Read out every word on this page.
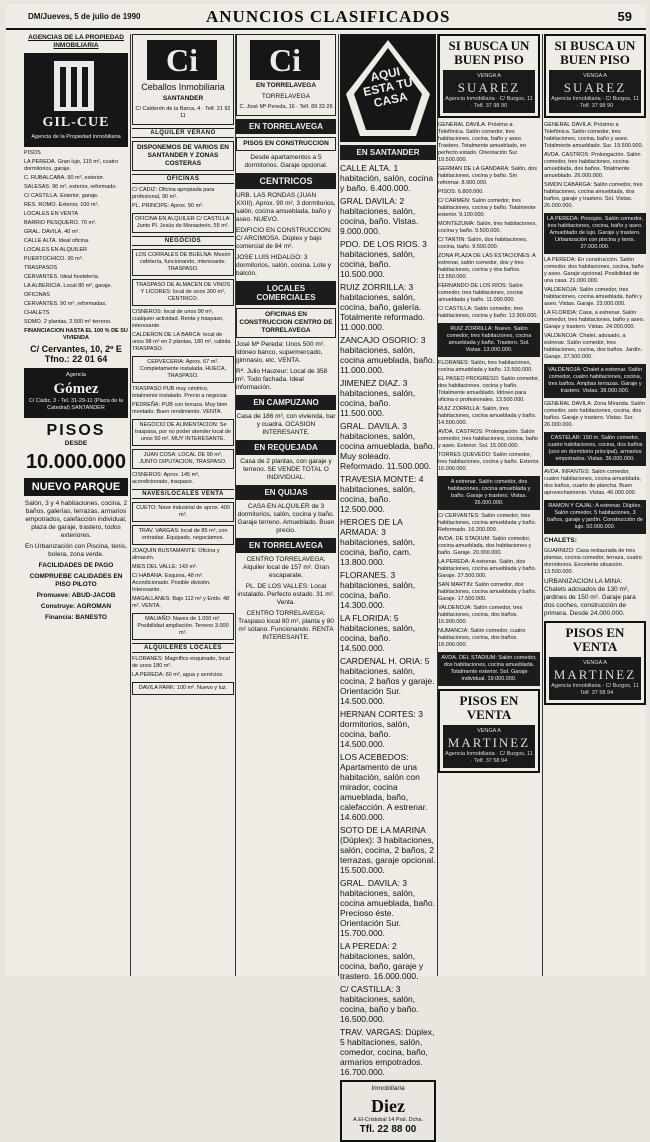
DM/Jueves, 5 de julio de 1990	ANUNCIOS CLASIFICADOS	59
AGENCIAS DE LA PROPIEDAD INMOBILIARIA
GIL-CUE
Agencia de la Propiedad inmobiliaria
PISOS
LA PEREDA. Gran lujo, 115 m², cuatro dormitorios, garaje.
C. RUBALCABA. 90 m², exterior.
SALESAS. 96 m², exterior, reformado.
C/ CASTILLA. Exterior, garaje.
RES. ROMO. Exterior, 100 m².
LOCALES EN VENTA
BARRIO PESQUERO. 70 m².
GRAL. DAVILA. 40 m².
CALLE ALTA. Ideal oficina.
LOCALES EN ALQUILER
PUERTOCHICO. 90 m².
TRASPASOS
CERVANTES. Ideal hostelería.
LA ALBERICIA. Local 80 m², garaje.
OFICINAS
CERVANTES. 90 m², reformadas.
CHALETS
SOMO. 2 plantas, 2.500 m² terreno.
FINANCIACION HASTA EL 100 % DE SU VIVIENDA
C/ Cervantes, 10, 2º E Tfno.: 22 01 64
Agencia
Gómez
C/ Cádiz, 3 - Tel. 31-29-11 (Plaza de la Catedral) SANTANDER
PISOS
DESDE
10.000.000
NUEVO PARQUE
Salón, 3 y 4 habitaciones, cocina, 2 baños, galerías, terrazas, armarios empotrados, calefacción individual, plaza de garaje, trastero, todos exteriores.
En Urbanización con Piscina, tenis, bolera, zona verde.
FACILIDADES DE PAGO
COMPRUEBE CALIDADES EN PISO PILOTO
Promueve: ABUD-JACOB
Construye: AGROMAN
Financia: BANESTO
Ci
Ceballos Inmobiliaria
SANTANDER
C/ Calderón de la Barca, 4 · Telf. 21 92 11
ALQUILER VERANO
DISPONEMOS DE VARIOS EN SANTANDER Y ZONAS COSTERAS
OFICINAS
C/ CADIZ: Oficina apropiada para profesional, 90 m².
PL. PRINCIPE: Aprox. 90 m².
OFICINA EN ALQUILER C/ CASTILLA: Junto Pl. Jesús de Monasterio, 55 m².
NEGOCIOS
LOS CORRALES DE BUELNA: Mesón cafetería, funcionando, interesante. TRASPASO.
TRASPASO DE ALMACEN DE VINOS Y LICORES: local de unos 300 m², CENTRICO.
CISNEROS: local de unos 90 m², cualquier actividad. Renta y traspaso, interesante.
CALDERON DE LA BARCA: local de unos 98 m² en 2 plantas, 180 m², cabida TRASPASO.
CERVECERIA: Aprox. 67 m². Completamente instalada. HUECA, TRASPASO.
TRASPASO PUB muy céntrico, totalmente instalado. Precio a negociar.
PEDREÑA: PUB con terraza. Muy bien montado. Buen rendimiento. VENTA.
NEGOCIO DE ALIMENTACION: Se traspasa, por no poder atender local de unos 50 m². MUY INTERESANTE.
JUAN COSA: LOCAL DE 90 m², JUNTO DIPUTACION, TRASPASO.
CISNEROS: Aprox. 145 m², acondicionado, traspaso.
NAVES/LOCALES VENTA
CUETO: Nave industrial de aprox. 400 m².
TRAV. VARGAS: local de 85 m², con entradas. Equipado, negociamos.
JOAQUIN BUSTAMANTE: Oficina y almacén.
MIES DEL VALLE: 143 m².
C/ HABANA: Esquina, 48 m². Acondicionado. Posible división. Interesante.
MAGALLANES: Bajo 112 m² y Entlo. 48 m². VENTA.
MALIAÑO: Naves de 1.000 m². Posibilidad ampliación. Terreno 3.000 m².
ALQUILERES LOCALES
FLORANES: Magnífico esquinado, local de unos 180 m².
LA PEREDA: 60 m², agua y servicios.
DAVILA PARK: 100 m². Nuevo y luz.
Ci
EN TORRELAVEGA
TORRELAVEGA
C. José Mª Pereda, 16 · Telf. 89 33 28
EN TORRELAVEGA
PISOS EN CONSTRUCCION
Desde apartamentos a 5 dormitorios. Garaje opcional.
CENTRICOS
URB. LAS RONDAS (JUAN XXIII). Aprox. 90 m², 3 dormitorios, salón, cocina amueblada, baño y aseo. NUEVO.
EDIFICIO EN CONSTRUCCION: C/ ARCIMOSA. Dúplex y bajo comercial de 84 m².
JOSE LUIS HIDALGO: 3 dormitorios, salón, cocina. Lote y balcón.
LOCALES COMERCIALES
OFICINAS EN CONSTRUCCION CENTRO DE TORRELAVEGA
José Mª Pereda: Unos 500 m². Idóneo banco, supermercado, gimnasio, etc. VENTA.
Rª. Julio Hauzeur: Local de 358 m². Todo fachada. Ideal información.
EN CAMPUZANO
Casa de 186 m², con vivienda, bar y cuadra. OCASION INTERESANTE.
EN REQUEJADA
Casa de 2 plantas, con garaje y terreno. SE VENDE TOTAL O INDIVIDUAL.
EN QUIJAS
CASA EN ALQUILER de 3 dormitorios, salón, cocina y baño. Garaje terreno. Amueblado. Buen precio.
EN TORRELAVEGA
CENTRO TORRELAVEGA: Alquiler local de 157 m². Gran escaparate.
PL. DE LOS VALLES: Local instalado. Perfecto estado. 31 m². Venta.
CENTRO TORRELAVEGA: Traspaso local 80 m², planta y 80 m² sótano. Funcionando. RENTA INTERESANTE.
AQUI ESTA TU CASA
EN SANTANDER
CALLE ALTA. 1 habitación, salón, cocina y baño. 6.400.000.
GRAL DAVILA: 2 habitaciones, salón, cocina, baño. Vistas. 9.000.000.
PDO. DE LOS RIOS. 3 habitaciones, salón, cocina, baño. 10.500.000.
RUIZ ZORRILLA: 3 habitaciones, salón, cocina, baño, galería. Totalmente reformado. 11.000.000.
ZANCAJO OSORIO: 3 habitaciones, salón, cocina amueblada, baño. 11.000.000.
JIMENEZ DIAZ. 3 habitaciones, salón, cocina, baño. 11.500.000.
GRAL. DAVILA. 3 habitaciones, salón, cocina amueblada, baño. Muy soleado. Reformado. 11.500.000.
TRAVESIA MONTE: 4 habitaciones, salón, cocina, baño. 12.500.000.
HEROES DE LA ARMADA: 3 habitaciones, salón, cocina, baño, cam. 13.800.000.
FLORANES. 3 habitaciones, salón, cocina, baño. 14.300.000.
LA FLORIDA: 5 habitaciones, salón, cocina, baño. 14.500.000.
CARDENAL H. ORIA: 5 habitaciones, salón, cocina, 2 baños y garaje. Orientación Sur. 14.500.000.
HERNAN CORTES: 3 dormitorios, salón, cocina, baño. 14.500.000.
LOS ACEBEDOS: Apartamento de una habitación, salón con mirador, cocina amueblada, baño, calefacción. A estrenar. 14.600.000.
SOTO DE LA MARINA (Dúplex): 3 habitaciones, salón, cocina, 2 baños, 2 terrazas, garaje opcional. 15.500.000.
GRAL. DAVILA: 3 habitaciones, salón, cocina amueblada, baño. Precioso éste. Orientación Sur. 15.700.000.
LA PEREDA: 2 habitaciones, salón, cocina, baño, garaje y trastero. 16.000.000.
C/ CASTILLA: 3 habitaciones, salón, cocina, baño y baño. 16.500.000.
TRAV. VARGAS: Dúplex, 5 habitaciones, salón, comedor, cocina, baño, armarios empotrados. 16.700.000.
Inmobiliaria
Diez
A.El-Cristobal 14 Pral. Dcha.
Tfl. 22 88 00
SI BUSCA UN BUEN PISO
VENGA A
SUAREZ
Agencia Inmobiliaria · C/ Burgos, 11 · Telf. 37 98 90
GENERAL DAVILA: Próximo a Telefónica. Salón comedor, tres habitaciones, cocina, baño y aseo. Trastero. Totalmente amueblado, en perfecto estado. Orientación Sur. 19.500.000.
GERMAN DE LA GANDARA: Salón, dos habitaciones, cocina y baño. Sin reformar. 8.900.000.
PISOS: 6.800.000.
C/ CARMEN: Salón comedor, tres habitaciones, cocina y baño. Totalmente exterior. 9.100.000.
MONTEZUMA: Salón, tres habitaciones, cocina y baño. 9.500.000.
C/ TANTIN: Salón, dos habitaciones, cocina, baño. 9.500.000.
ZONA PLAZA DE LAS ESTACIONES: A estrenar, salón comedor, dos y tres habitaciones, cocina y dos baños. 13.550.000.
FERNANDO DE LOS RIOS: Salón comedor, tres habitaciones, cocina amueblada y baño. 11.000.000.
C/ CASTILLA: Salón comedor, tres habitaciones, cocina y baño. 12.900.000.
RUIZ ZORRILLA: Nuevo. Salón comedor, tres habitaciones, cocina amueblada y baño. Trastero. Sol. Vistas. 13.000.000.
FLORANES: Salón, tres habitaciones, cocina amueblada y baño. 13.500.000.
EL PASEO PROGRESO: Salón comedor, dos habitaciones, cocina y baño. Totalmente amueblado. Idóneo para oficina o profesionales. 13.500.000.
RUIZ ZORRILLA: Salón, tres habitaciones, cocina amueblada y baño. 14.500.000.
AVDA. CASTROS: Prolongación. Salón comedor, tres habitaciones, cocina, baño y aseo. Exterior. Sol. 15.000.000.
TORRES QUEVEDO: Salón comedor, tres habitaciones, cocina y baño. Exterior. 16.000.000.
A estrenar. Salón comedor, dos habitaciones, cocina amueblada y baño. Garaje y trastero. Vistas. 26.000.000.
C/ CERVANTES: Salón comedor, tres habitaciones, cocina amueblada y baño. Reformado. 16.200.000.
AVDA. DE STADIUM: Salón comedor, cocina amueblada, dos habitaciones y baño. Garaje. 20.000.000.
LA PEREDA: A estrenar. Salón, dos habitaciones, cocina amueblada y baño. Garaje. 27.500.000.
SAN MARTIN: Salón comedor, dos habitaciones, cocina amueblada y baño. Garaje. 17.500.000.
VALDENOJA: Salón comedor, tres habitaciones, cocina, dos baños. 16.900.000.
NUMANCIA: Salón comedor, cuatro habitaciones, cocina, dos baños. 18.000.000.
AVDA. DEL STADIUM: Salón comedor, dos habitaciones, cocina amueblada. Totalmente exterior. Sol. Garaje individual. 19.000.000.
PISOS EN VENTA
VENGA A
MARTINEZ
Agencia Inmobiliaria · C/ Burgos, 11 · Telf. 37 58 94
SI BUSCA UN BUEN PISO
VENGA A
SUAREZ
Agencia Inmobiliaria · C/ Burgos, 11 · Telf. 37 98 90
GENERAL DAVILA: Próximo a Telefónica. Salón comedor, tres habitaciones, cocina, baño y aseo. Totalmente amueblado. Sur. 19.500.000.
AVDA. CASTROS: Prolongación. Salón comedor, tres habitaciones, cocina amueblada, dos baños. Totalmente amueblado. 26.000.000.
SIMON CABARGA: Salón comedor, tres habitaciones, cocina amueblada, dos baños, garaje y trastero. Sol. Vistas. 26.000.000.
LA PEREDA: Principio. Salón comedor, tres habitaciones, cocina, baño y aseo. Amueblado de lujo. Garaje y trastero. Urbanización con piscina y tenis. 27.000.000.
LA PEREDA: En construcción. Salón comedor, dos habitaciones, cocina, baño y aseo. Garaje opcional. Posibilidad de una casa. 21.000.000.
VALDENOJA: Salón comedor, tres habitaciones, cocina amueblada, baño y aseo. Vistas. Garaje. 23.000.000.
LA FLORIDA: Casa, a estrenar. Salón comedor, tres habitaciones, baño y aseo. Garaje y trastero. Vistas. 24.000.000.
VALDENOJA: Chalet, adosado, a estrenar. Salón comedor, tres habitaciones, cocina, dos baños. Jardín. Garaje. 27.500.000.
VALDENOJA: Chalet a estrenar. Salón comedor, cuatro habitaciones, cocina, tres baños. Amplias terrazas. Garaje y trastero. Vistas. 38.000.000.
GENERAL DAVILA: Zona Miranda. Salón comedor, seis habitaciones, cocina, dos baños. Garaje y trastero. Vistas. Sur. 26.000.000.
CASTELAR: 150 m. Salón comedor, cuatro habitaciones, cocina, dos baños (uno en dormitorio principal), armarios empotrados. Vistas. 36.000.000.
AVDA. INFANTES: Salón comedor, cuatro habitaciones, cocina amueblada, dos baños, cuarto de plancha. Buen aprovechamiento. Vistas. 46.000.000.
RAMON Y CAJAL: A estrenar. Dúplex. Salón comedor, 5 habitaciones, 3 baños, garaje y jardín. Construcción de lujo. 50.000.000.
CHALETS:
GUARNIZO: Casa restaurada de tres plantas, cocina comedor, terraza, cuatro dormitorios. Excelente situación. 13.500.000.
URBANIZACION LA MINA: Chalets adosados de 130 m², jardines de 150 m². Garaje para dos coches, construcción de primera. Desde 24.000.000.
PISOS EN VENTA
VENGA A
MARTINEZ
Agencia Inmobiliaria · C/ Burgos, 11 · Telf. 37 58 94
